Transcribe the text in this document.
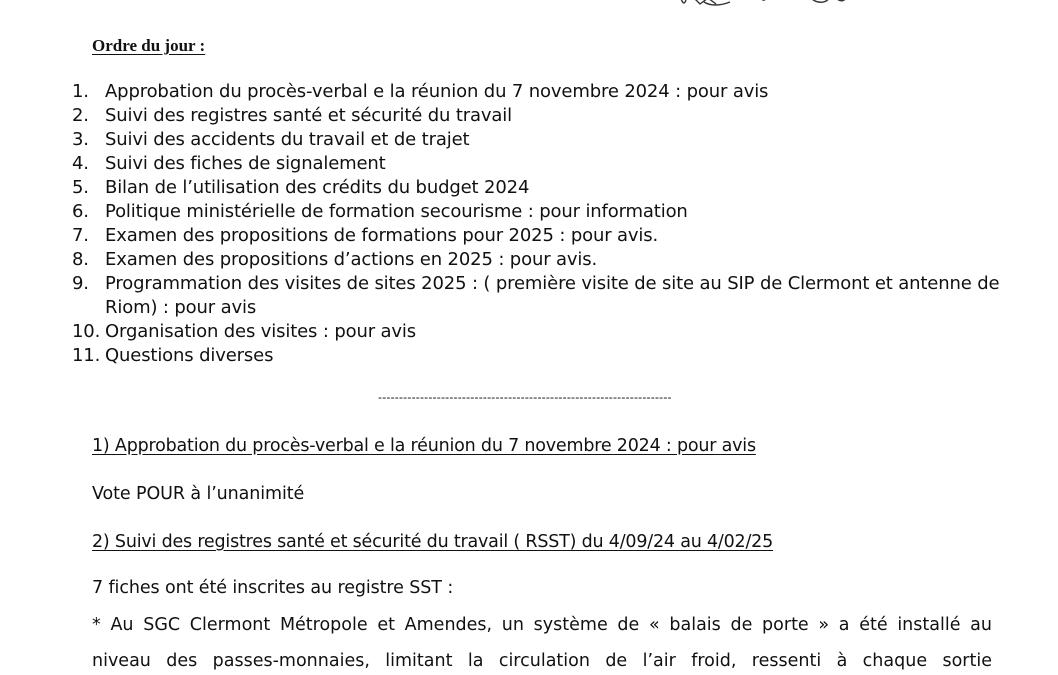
Ordre du jour :
1. Approbation du procès-verbal e la réunion du 7 novembre 2024 : pour avis
2. Suivi des registres santé et sécurité du travail
3. Suivi des accidents du travail et de trajet
4. Suivi des fiches de signalement
5. Bilan de l’utilisation des crédits du budget 2024
6. Politique ministérielle de formation secourisme : pour information
7. Examen des propositions de formations pour 2025 : pour avis.
8. Examen des propositions d’actions en 2025 : pour avis.
9. Programmation des visites de sites 2025 : ( première visite de site au SIP de Clermont et antenne de Riom) : pour avis
10. Organisation des visites : pour avis
11. Questions diverses
----------------------------------------------------------------------
1) Approbation du procès-verbal e la réunion du 7 novembre 2024 : pour avis
Vote POUR à l’unanimité
2) Suivi des registres santé et sécurité du travail ( RSST) du 4/09/24 au 4/02/25
7 fiches ont été inscrites au registre SST :
* Au SGC Clermont Métropole et Amendes, un système de « balais de porte » a été installé au
niveau des passes-monnaies, limitant la circulation de l’air froid, ressenti à chaque sortie
